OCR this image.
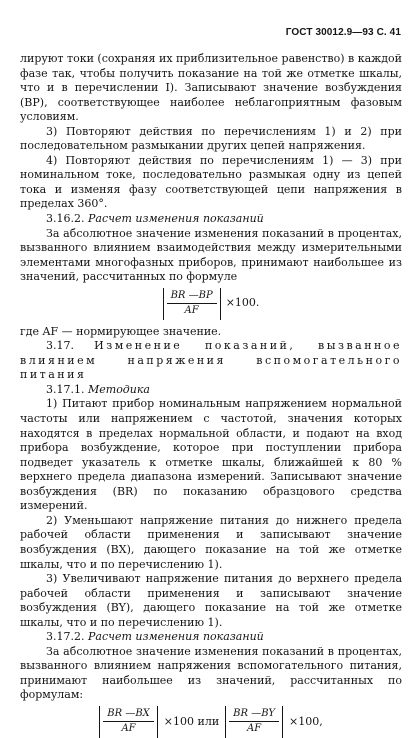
ГОСТ 30012.9—93 С. 41

лируют токи (сохраняя их приблизительное равенство) в каждой фазе так, чтобы получить показание на той же отметке шкалы, что и в перечислении I). Записывают значение возбуждения (BP), соответствующее наиболее неблагоприятным фазовым условиям.

3) Повторяют действия по перечислениям 1) и 2) при последовательном размыкании других цепей напряжения.

4) Повторяют действия по перечислениям 1) — 3) при номинальном токе, последовательно размыкая одну из цепей тока и изменяя фазу соответствующей цепи напряжения в пределах 360°.

3.16.2. Расчет изменения показаний

За абсолютное значение изменения показаний в процентах, вызванного влиянием взаимодействия между измерительными элементами многофазных приборов, принимают наибольшее из значений, рассчитанных по формуле

$\frac{BR —BP}{AF} \times 100$.

где AF — нормирующее значение.

3.17. Изменение показаний, вызванное влиянием напряжения вспомогательного питания

3.17.1. Методика

1) Питают прибор номинальным напряжением нормальной частоты или напряжением с частотой, значения которых находятся в пределах нормальной области, и подают на вход прибора возбуждение, которое при поступлении прибора подведет указатель к отметке шкалы, ближайшей к 80 % верхнего предела диапазона измерений. Записывают значение возбуждения (BR) по показанию образцового средства измерений.

2) Уменьшают напряжение питания до нижнего предела рабочей области применения и записывают значение возбуждения (BX), дающего показание на той же отметке шкалы, что и по перечислению 1).

3) Увеличивают напряжение питания до верхнего предела рабочей области применения и записывают значение возбуждения (BY), дающего показание на той же отметке шкалы, что и по перечислению 1).

3.17.2. Расчет изменения показаний

За абсолютное значение изменения показаний в процентах, вызванного влиянием напряжения вспомогательного питания, принимают наибольшее из значений, рассчитанных по формулам:

$\frac{BR —BX}{AF} \times 100$ или $\frac{BR —BY}{AF} \times 100$,
